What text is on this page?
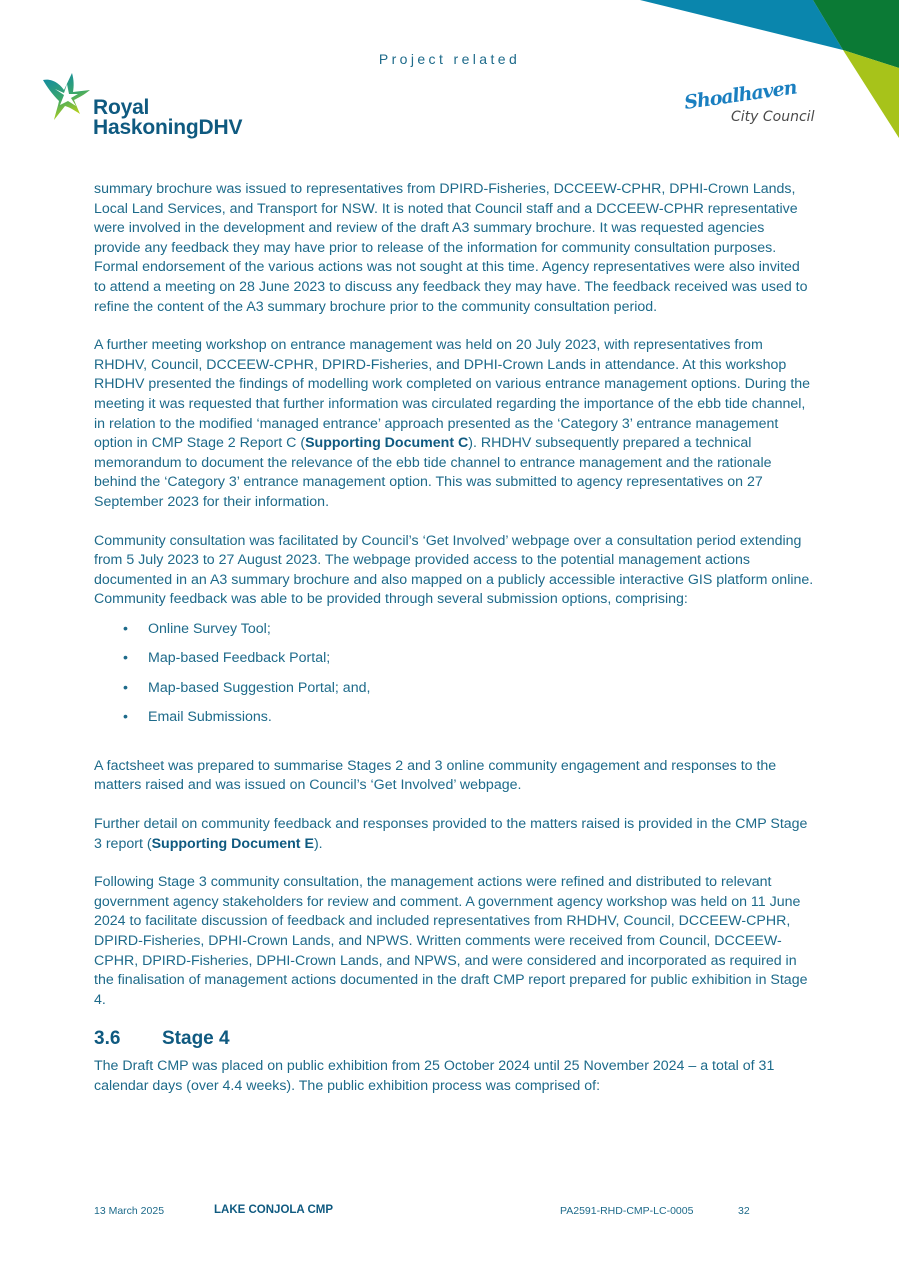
Project related
Royal
HaskoningDHV
Shoalhaven
City Council

summary brochure was issued to representatives from DPIRD-Fisheries, DCCEEW-CPHR, DPHI-Crown Lands, Local Land Services, and Transport for NSW. It is noted that Council staff and a DCCEEW-CPHR representative were involved in the development and review of the draft A3 summary brochure. It was requested agencies provide any feedback they may have prior to release of the information for community consultation purposes. Formal endorsement of the various actions was not sought at this time. Agency representatives were also invited to attend a meeting on 28 June 2023 to discuss any feedback they may have. The feedback received was used to refine the content of the A3 summary brochure prior to the community consultation period.

A further meeting workshop on entrance management was held on 20 July 2023, with representatives from RHDHV, Council, DCCEEW-CPHR, DPIRD-Fisheries, and DPHI-Crown Lands in attendance. At this workshop RHDHV presented the findings of modelling work completed on various entrance management options. During the meeting it was requested that further information was circulated regarding the importance of the ebb tide channel, in relation to the modified ‘managed entrance’ approach presented as the ‘Category 3’ entrance management option in CMP Stage 2 Report C (Supporting Document C). RHDHV subsequently prepared a technical memorandum to document the relevance of the ebb tide channel to entrance management and the rationale behind the ‘Category 3’ entrance management option. This was submitted to agency representatives on 27 September 2023 for their information.

Community consultation was facilitated by Council’s ‘Get Involved’ webpage over a consultation period extending from 5 July 2023 to 27 August 2023. The webpage provided access to the potential management actions documented in an A3 summary brochure and also mapped on a publicly accessible interactive GIS platform online. Community feedback was able to be provided through several submission options, comprising:

• Online Survey Tool;
• Map-based Feedback Portal;
• Map-based Suggestion Portal; and,
• Email Submissions.

A factsheet was prepared to summarise Stages 2 and 3 online community engagement and responses to the matters raised and was issued on Council’s ‘Get Involved’ webpage.

Further detail on community feedback and responses provided to the matters raised is provided in the CMP Stage 3 report (Supporting Document E).

Following Stage 3 community consultation, the management actions were refined and distributed to relevant government agency stakeholders for review and comment. A government agency workshop was held on 11 June 2024 to facilitate discussion of feedback and included representatives from RHDHV, Council, DCCEEW-CPHR, DPIRD-Fisheries, DPHI-Crown Lands, and NPWS. Written comments were received from Council, DCCEEW-CPHR, DPIRD-Fisheries, DPHI-Crown Lands, and NPWS, and were considered and incorporated as required in the finalisation of management actions documented in the draft CMP report prepared for public exhibition in Stage 4.

3.6 Stage 4

The Draft CMP was placed on public exhibition from 25 October 2024 until 25 November 2024 – a total of 31 calendar days (over 4.4 weeks). The public exhibition process was comprised of:

13 March 2025	LAKE CONJOLA CMP	PA2591-RHD-CMP-LC-0005	32
